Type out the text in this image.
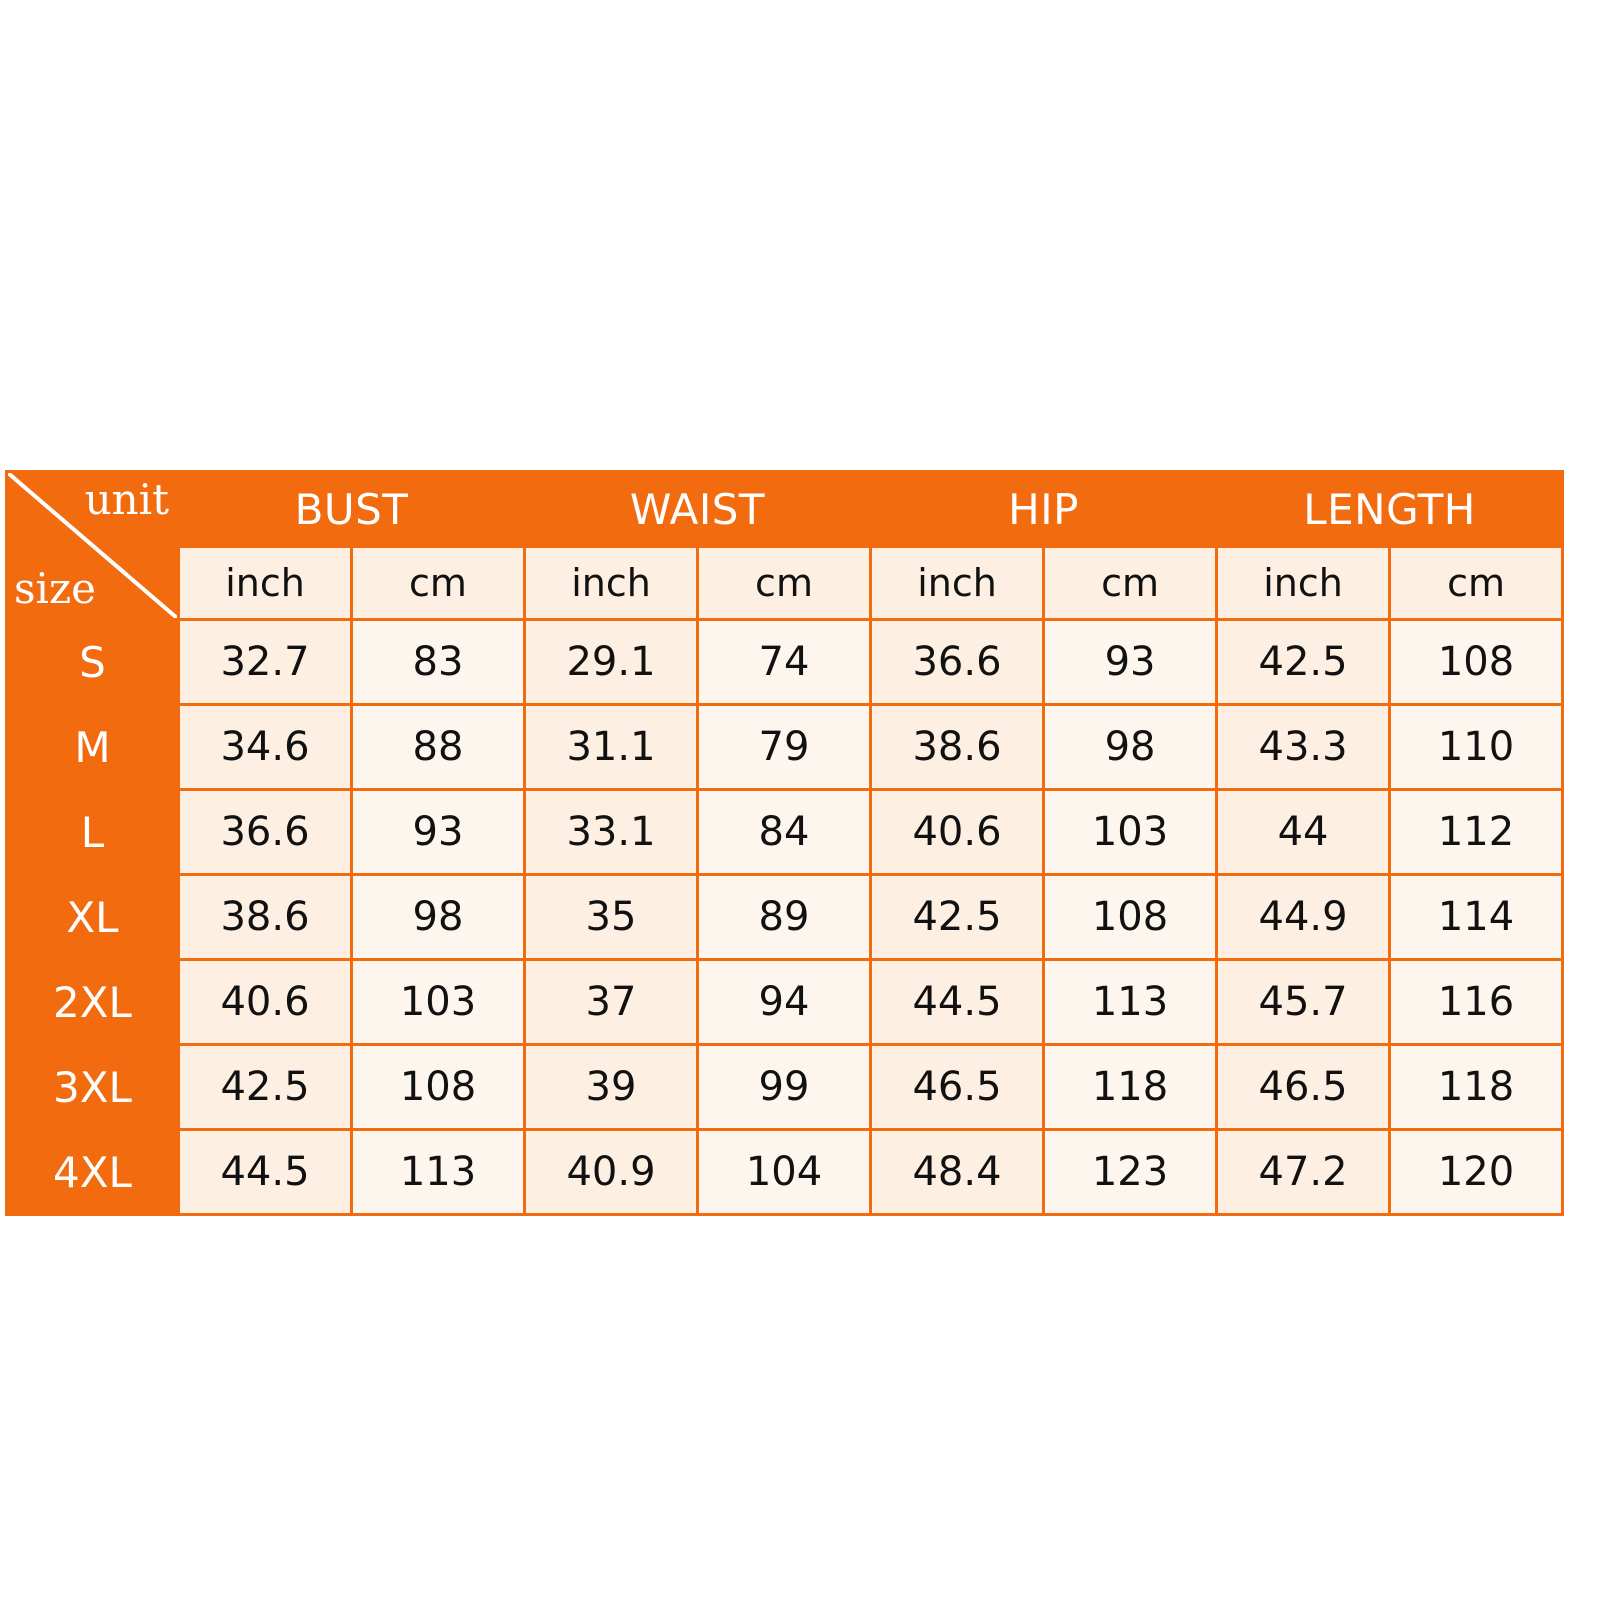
unit
size	BUST		WAIST		HIP		LENGTH	
	inch	cm	inch	cm	inch	cm	inch	cm
S	32.7	83	29.1	74	36.6	93	42.5	108
M	34.6	88	31.1	79	38.6	98	43.3	110
L	36.6	93	33.1	84	40.6	103	44	112
XL	38.6	98	35	89	42.5	108	44.9	114
2XL	40.6	103	37	94	44.5	113	45.7	116
3XL	42.5	108	39	99	46.5	118	46.5	118
4XL	44.5	113	40.9	104	48.4	123	47.2	120
